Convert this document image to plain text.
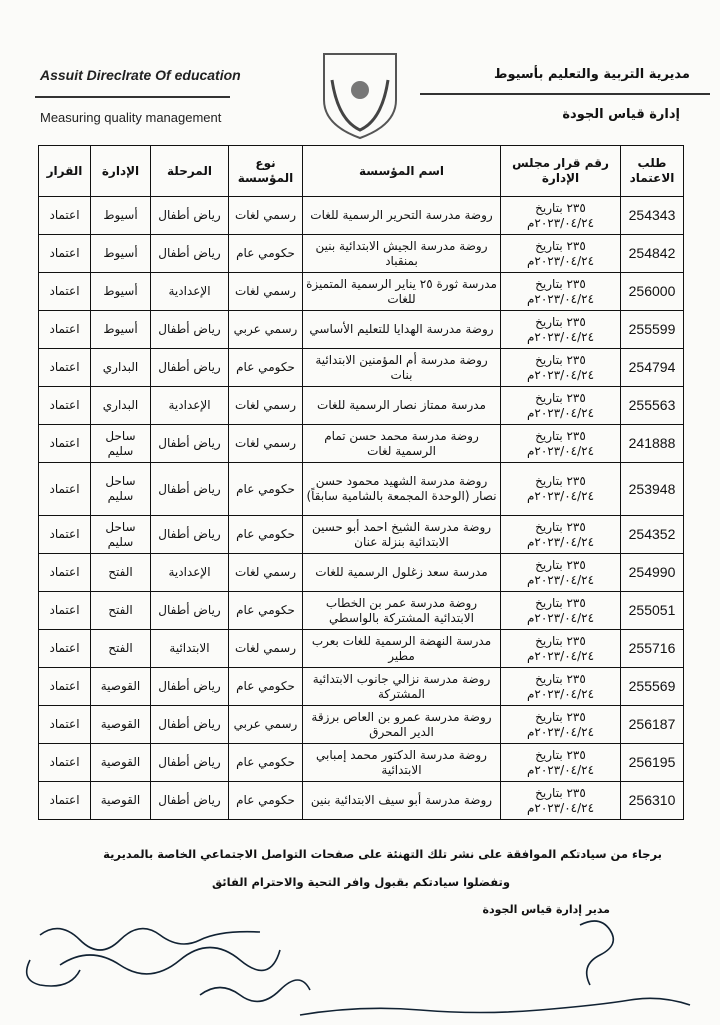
Assuit Direclrate Of education
Measuring quality management
مديرية التربية والتعليم بأسيوط
إدارة قياس الجودة
طلب الاعتماد	رقم قرار مجلس الإدارة	اسم المؤسسة	نوع المؤسسة	المرحلة	الإدارة	القرار
254343	٢٣٥ بتاريخ ٢٠٢٣/٠٤/٢٤م	روضة مدرسة التحرير الرسمية للغات	رسمي لغات	رياض أطفال	أسيوط	اعتماد
254842	٢٣٥ بتاريخ ٢٠٢٣/٠٤/٢٤م	روضة مدرسة الجيش الابتدائية بنين بمنقباد	حكومي عام	رياض أطفال	أسيوط	اعتماد
256000	٢٣٥ بتاريخ ٢٠٢٣/٠٤/٢٤م	مدرسة ثورة ٢٥ يناير الرسمية المتميزة للغات	رسمي لغات	الإعدادية	أسيوط	اعتماد
255599	٢٣٥ بتاريخ ٢٠٢٣/٠٤/٢٤م	روضة مدرسة الهدايا للتعليم الأساسي	رسمي عربي	رياض أطفال	أسيوط	اعتماد
254794	٢٣٥ بتاريخ ٢٠٢٣/٠٤/٢٤م	روضة مدرسة أم المؤمنين الابتدائية بنات	حكومي عام	رياض أطفال	البداري	اعتماد
255563	٢٣٥ بتاريخ ٢٠٢٣/٠٤/٢٤م	مدرسة ممتاز نصار الرسمية للغات	رسمي لغات	الإعدادية	البداري	اعتماد
241888	٢٣٥ بتاريخ ٢٠٢٣/٠٤/٢٤م	روضة مدرسة محمد حسن تمام الرسمية لغات	رسمي لغات	رياض أطفال	ساحل سليم	اعتماد
253948	٢٣٥ بتاريخ ٢٠٢٣/٠٤/٢٤م	روضة مدرسة الشهيد محمود حسن نصار (الوحدة المجمعة بالشامية سابقاً)	حكومي عام	رياض أطفال	ساحل سليم	اعتماد
254352	٢٣٥ بتاريخ ٢٠٢٣/٠٤/٢٤م	روضة مدرسة الشيخ احمد أبو حسين الابتدائية بنزلة عنان	حكومي عام	رياض أطفال	ساحل سليم	اعتماد
254990	٢٣٥ بتاريخ ٢٠٢٣/٠٤/٢٤م	مدرسة سعد زغلول الرسمية للغات	رسمي لغات	الإعدادية	الفتح	اعتماد
255051	٢٣٥ بتاريخ ٢٠٢٣/٠٤/٢٤م	روضة مدرسة عمر بن الخطاب الابتدائية المشتركة بالواسطي	حكومي عام	رياض أطفال	الفتح	اعتماد
255716	٢٣٥ بتاريخ ٢٠٢٣/٠٤/٢٤م	مدرسة النهضة الرسمية للغات بعرب مطير	رسمي لغات	الابتدائية	الفتح	اعتماد
255569	٢٣٥ بتاريخ ٢٠٢٣/٠٤/٢٤م	روضة مدرسة نزالي جانوب الابتدائية المشتركة	حكومي عام	رياض أطفال	القوصية	اعتماد
256187	٢٣٥ بتاريخ ٢٠٢٣/٠٤/٢٤م	روضة مدرسة عمرو بن العاص برزقة الدير المحرق	رسمي عربي	رياض أطفال	القوصية	اعتماد
256195	٢٣٥ بتاريخ ٢٠٢٣/٠٤/٢٤م	روضة مدرسة الدكتور محمد إمبابي الابتدائية	حكومي عام	رياض أطفال	القوصية	اعتماد
256310	٢٣٥ بتاريخ ٢٠٢٣/٠٤/٢٤م	روضة مدرسة أبو سيف الابتدائية بنين	حكومي عام	رياض أطفال	القوصية	اعتماد
برجاء من سيادتكم الموافقة على نشر تلك التهنئة على صفحات التواصل الاجتماعي الخاصة بالمديرية
وتفضلوا سيادتكم بقبول وافر التحية والاحترام الفائق
مدير إدارة قياس الجودة
